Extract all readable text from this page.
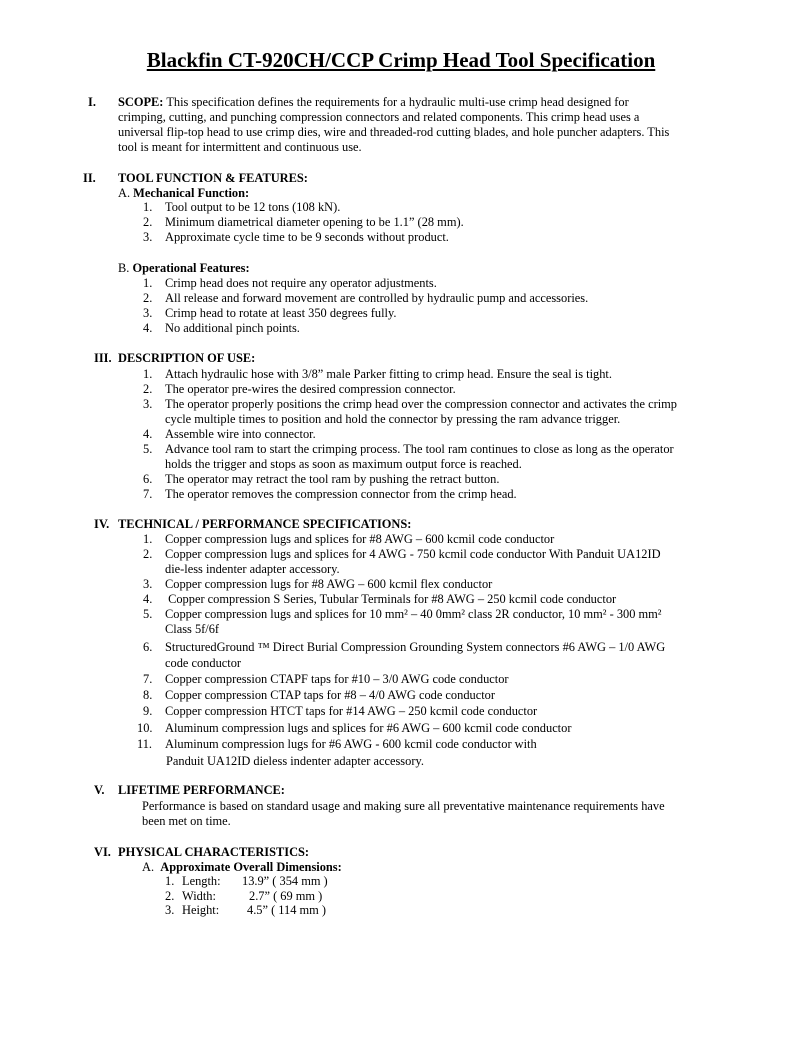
Blackfin CT-920CH/CCP Crimp Head Tool Specification
I. SCOPE: This specification defines the requirements for a hydraulic multi-use crimp head designed for
crimping, cutting, and punching compression connectors and related components. This crimp head uses a
universal flip-top head to use crimp dies, wire and threaded-rod cutting blades, and hole puncher adapters. This
tool is meant for intermittent and continuous use.
II. TOOL FUNCTION & FEATURES:
A. Mechanical Function:
1. Tool output to be 12 tons (108 kN).
2. Minimum diametrical diameter opening to be 1.1” (28 mm).
3. Approximate cycle time to be 9 seconds without product.
B. Operational Features:
1. Crimp head does not require any operator adjustments.
2. All release and forward movement are controlled by hydraulic pump and accessories.
3. Crimp head to rotate at least 350 degrees fully.
4. No additional pinch points.
III. DESCRIPTION OF USE:
1. Attach hydraulic hose with 3/8” male Parker fitting to crimp head. Ensure the seal is tight.
2. The operator pre-wires the desired compression connector.
3. The operator properly positions the crimp head over the compression connector and activates the crimp
cycle multiple times to position and hold the connector by pressing the ram advance trigger.
4. Assemble wire into connector.
5. Advance tool ram to start the crimping process. The tool ram continues to close as long as the operator
holds the trigger and stops as soon as maximum output force is reached.
6. The operator may retract the tool ram by pushing the retract button.
7. The operator removes the compression connector from the crimp head.
IV. TECHNICAL / PERFORMANCE SPECIFICATIONS:
1. Copper compression lugs and splices for #8 AWG – 600 kcmil code conductor
2. Copper compression lugs and splices for 4 AWG - 750 kcmil code conductor With Panduit UA12ID
die-less indenter adapter accessory.
3. Copper compression lugs for #8 AWG – 600 kcmil flex conductor
4. Copper compression S Series, Tubular Terminals for #8 AWG – 250 kcmil code conductor
5. Copper compression lugs and splices for 10 mm² – 40 0mm² class 2R conductor, 10 mm² - 300 mm²
Class 5f/6f
6. StructuredGround ™ Direct Burial Compression Grounding System connectors #6 AWG – 1/0 AWG
code conductor
7. Copper compression CTAPF taps for #10 – 3/0 AWG code conductor
8. Copper compression CTAP taps for #8 – 4/0 AWG code conductor
9. Copper compression HTCT taps for #14 AWG – 250 kcmil code conductor
10. Aluminum compression lugs and splices for #6 AWG – 600 kcmil code conductor
11. Aluminum compression lugs for #6 AWG - 600 kcmil code conductor with
Panduit UA12ID dieless indenter adapter accessory.
V. LIFETIME PERFORMANCE:
Performance is based on standard usage and making sure all preventative maintenance requirements have
been met on time.
VI. PHYSICAL CHARACTERISTICS:
A. Approximate Overall Dimensions:
1. Length: 13.9” ( 354 mm )
2. Width:	2.7” ( 69 mm )
3. Height: 4.5” ( 114 mm )
